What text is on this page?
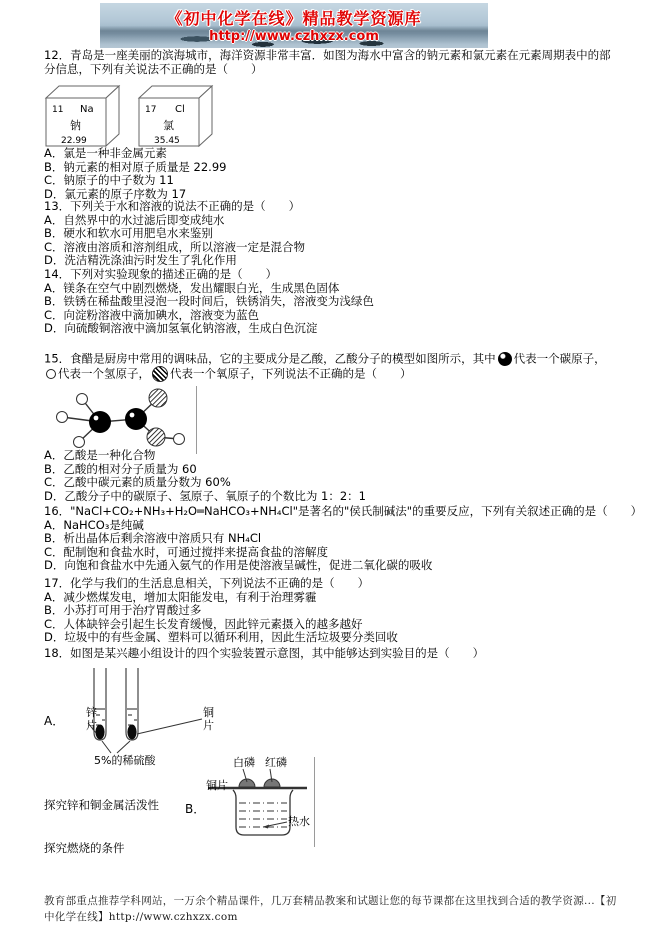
《初中化学在线》精品教学资源库
http://www.czhxzx.com
12．青岛是一座美丽的滨海城市，海洋资源非常丰富．如图为海水中富含的钠元素和氯元素在元素周期表中的部分信息，下列有关说法不正确的是（　　）
11 Na
钠
22.99

17 Cl
氯
35.45
A．氯是一种非金属元素
B．钠元素的相对原子质量是 22.99
C．钠原子的中子数为 11
D．氯元素的原子序数为 17
13．下列关于水和溶液的说法不正确的是（　　）
A．自然界中的水过滤后即变成纯水
B．硬水和软水可用肥皂水来鉴别
C．溶液由溶质和溶剂组成，所以溶液一定是混合物
D．洗洁精洗涤油污时发生了乳化作用
14．下列对实验现象的描述正确的是（　　）
A．镁条在空气中剧烈燃烧，发出耀眼白光，生成黑色固体
B．铁锈在稀盐酸里浸泡一段时间后，铁锈消失，溶液变为浅绿色
C．向淀粉溶液中滴加碘水，溶液变为蓝色
D．向硫酸铜溶液中滴加氢氧化钠溶液，生成白色沉淀
15．食醋是厨房中常用的调味品，它的主要成分是乙酸，乙酸分子的模型如图所示，其中 代表一个碳原子，
代表一个氢原子， 代表一个氧原子，下列说法不正确的是（　　）
A．乙酸是一种化合物
B．乙酸的相对分子质量为 60
C．乙酸中碳元素的质量分数为 60%
D．乙酸分子中的碳原子、氢原子、氧原子的个数比为 1：2：1
16．"NaCl+CO₂+NH₃+H₂O═NaHCO₃+NH₄Cl"是著名的"侯氏制碱法"的重要反应，下列有关叙述正确的是（　　）
A．NaHCO₃是纯碱
B．析出晶体后剩余溶液中溶质只有 NH₄Cl
C．配制饱和食盐水时，可通过搅拌来提高食盐的溶解度
D．向饱和食盐水中先通入氨气的作用是使溶液呈碱性，促进二氧化碳的吸收
17．化学与我们的生活息息相关，下列说法不正确的是（　　）
A．减少燃煤发电，增加太阳能发电，有利于治理雾霾
B．小苏打可用于治疗胃酸过多
C．人体缺锌会引起生长发育缓慢，因此锌元素摄入的越多越好
D．垃圾中的有些金属、塑料可以循环利用，因此生活垃圾要分类回收
18．如图是某兴趣小组设计的四个实验装置示意图，其中能够达到实验目的是（　　）
A．
锌片
铜片
5%的稀硫酸
探究锌和铜金属活泼性 B．
白磷 红磷
铜片
热水
探究燃烧的条件
教育部重点推荐学科网站，一万余个精品课件，几万套精品教案和试题让您的每节课都在这里找到合适的教学资源...【初中化学在线】http://www.czhxzx.com
